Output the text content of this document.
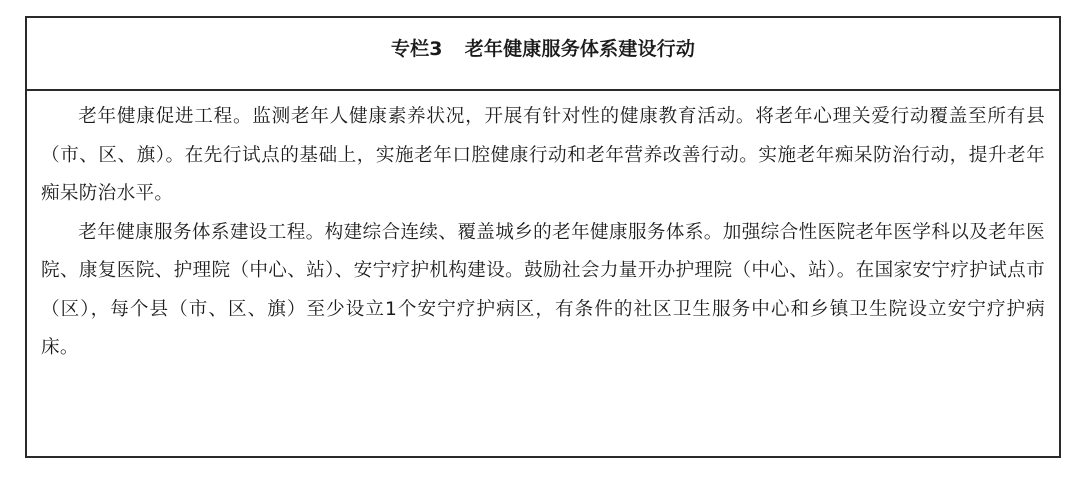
专栏3 老年健康服务体系建设行动

老年健康促进工程。监测老年人健康素养状况，开展有针对性的健康教育活动。将老年心理关爱行动覆盖至所有县（市、区、旗）。在先行试点的基础上，实施老年口腔健康行动和老年营养改善行动。实施老年痴呆防治行动，提升老年痴呆防治水平。

老年健康服务体系建设工程。构建综合连续、覆盖城乡的老年健康服务体系。加强综合性医院老年医学科以及老年医院、康复医院、护理院（中心、站）、安宁疗护机构建设。鼓励社会力量开办护理院（中心、站）。在国家安宁疗护试点市（区），每个县（市、区、旗）至少设立1个安宁疗护病区，有条件的社区卫生服务中心和乡镇卫生院设立安宁疗护病床。
